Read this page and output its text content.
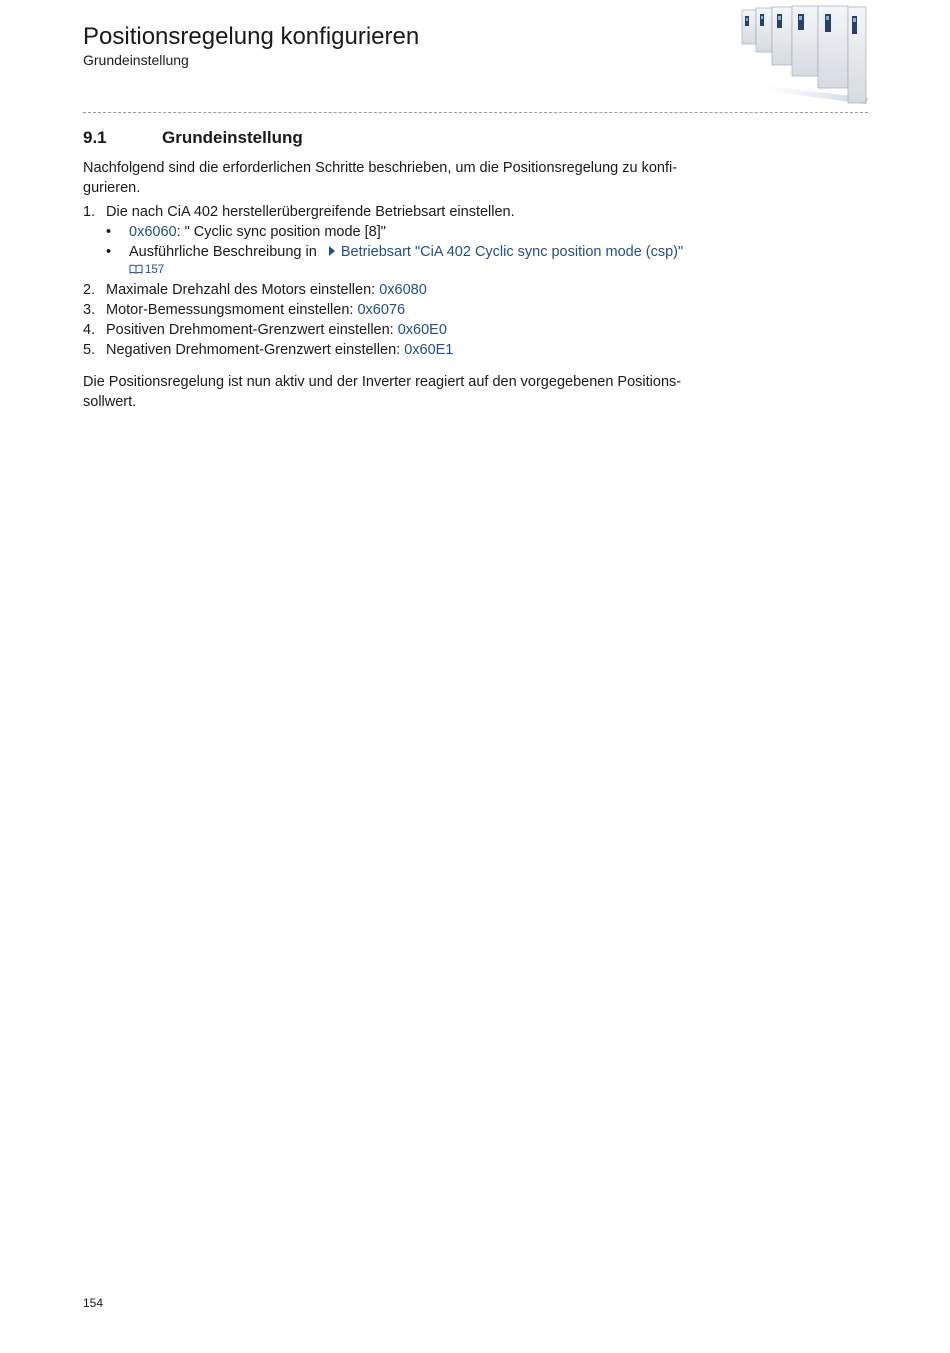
Positionsregelung konfigurieren
Grundeinstellung
9.1	Grundeinstellung

Nachfolgend sind die erforderlichen Schritte beschrieben, um die Positionsregelung zu konfi-
gurieren.

1. Die nach CiA 402 herstellerübergreifende Betriebsart einstellen.
• 0x6060: " Cyclic sync position mode [8]"
• Ausführliche Beschreibung in Betriebsart "CiA 402 Cyclic sync position mode (csp)"
157
2. Maximale Drehzahl des Motors einstellen: 0x6080
3. Motor-Bemessungsmoment einstellen: 0x6076
4. Positiven Drehmoment-Grenzwert einstellen: 0x60E0
5. Negativen Drehmoment-Grenzwert einstellen: 0x60E1

Die Positionsregelung ist nun aktiv und der Inverter reagiert auf den vorgegebenen Positions-
sollwert.

154
